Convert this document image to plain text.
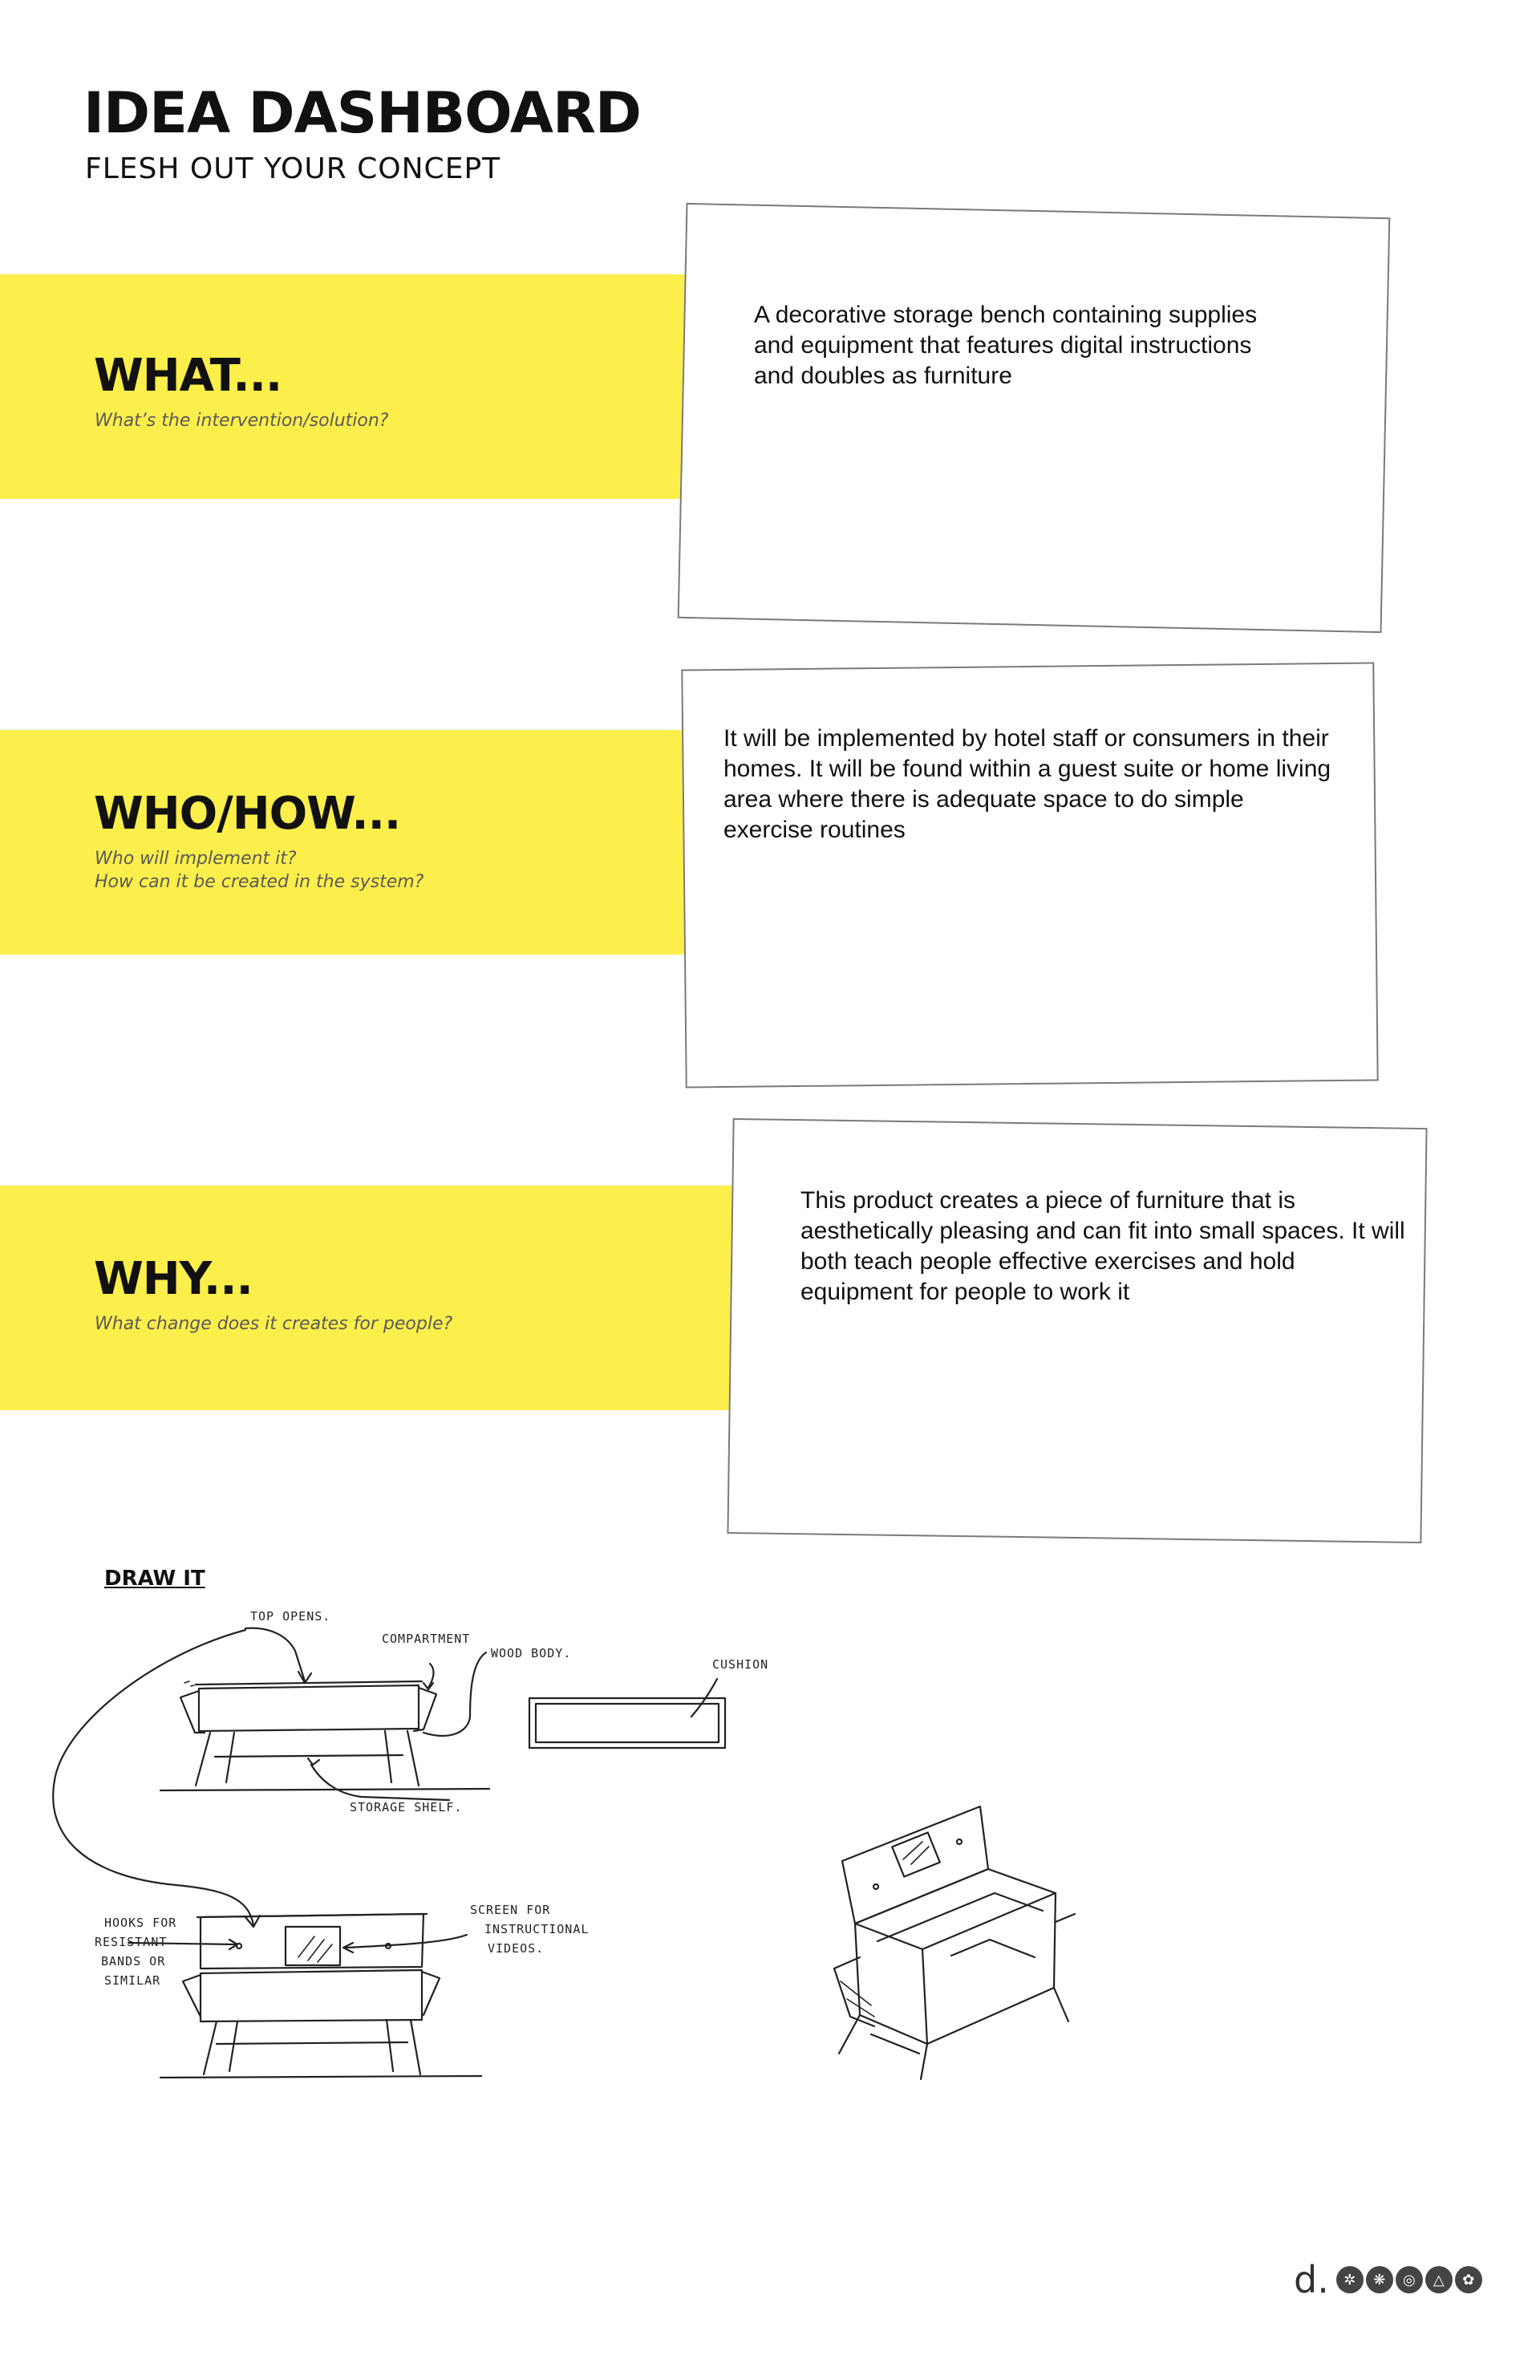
IDEA DASHBOARD
FLESH OUT YOUR CONCEPT
WHAT...
What’s the intervention/solution?
A decorative storage bench containing supplies and equipment that features digital instructions and doubles as furniture
WHO/HOW...
Who will implement it?
How can it be created in the system?
It will be implemented by hotel staff or consumers in their homes. It will be found within a guest suite or home living area where there is adequate space to do simple exercise routines
WHY...
What change does it creates for people?
This product creates a piece of furniture that is aesthetically pleasing and can fit into small spaces. It will both teach people effective exercises and hold equipment for people to work it
DRAW IT
TOP OPENS.
COMPARTMENT
WOOD BODY.
CUSHION
STORAGE SHELF.
HOOKS FOR
RESISTANT
BANDS OR
SIMILAR
SCREEN FOR
INSTRUCTIONAL
VIDEOS.
d.	✲	❋	◎	△	✿
